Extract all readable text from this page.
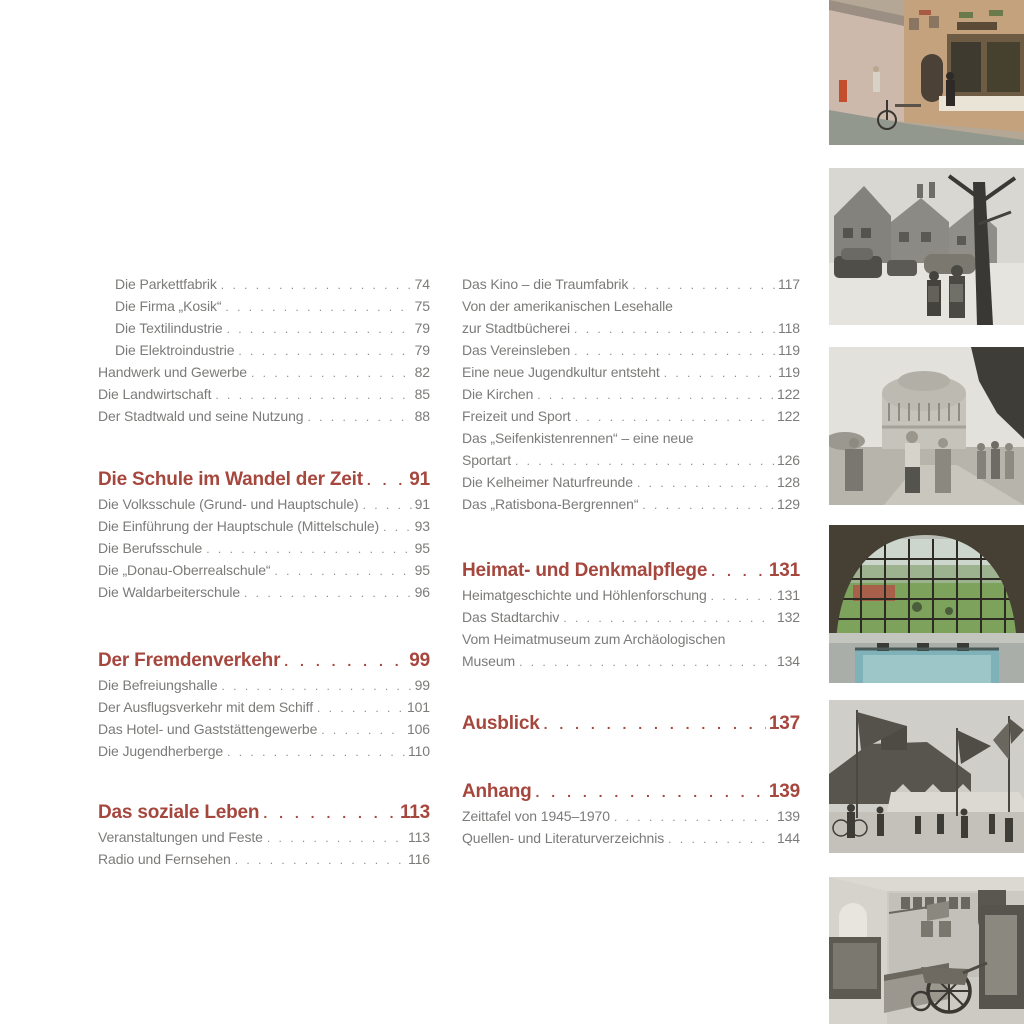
Die Parkettfabrik . . .	74
Die Firma „Kosik“ . . .	75
Die Textilindustrie . . .	79
Die Elektroindustrie . . .	79
Handwerk und Gewerbe . . .	82
Die Landwirtschaft . . .	85
Der Stadtwald und seine Nutzung . . .	88
Die Schule im Wandel der Zeit . . . 91
Die Volksschule (Grund- und Hauptschule) . . .	91
Die Einführung der Hauptschule (Mittelschule) . . .	93
Die Berufsschule . . .	95
Die „Donau-Oberrealschule“ . . .	95
Die Waldarbeiterschule . . .	96
Der Fremdenverkehr . . .	99
Die Befreiungshalle . . .	99
Der Ausflugsverkehr mit dem Schiff . . .	101
Das Hotel- und Gaststättengewerbe . . .	106
Die Jugendherberge . . .	110
Das soziale Leben . . .	113
Veranstaltungen und Feste . . .	113
Radio und Fernsehen . . .	116
Das Kino – die Traumfabrik . . .	117
Von der amerikanischen Lesehalle
zur Stadtbücherei . . .	118
Das Vereinsleben . . .	119
Eine neue Jugendkultur entsteht . . .	119
Die Kirchen . . .	122
Freizeit und Sport . . .	122
Das „Seifenkistenrennen“ – eine neue
Sportart . . .	126
Die Kelheimer Naturfreunde . . .	128
Das „Ratisbona-Bergrennen“ . . .	129
Heimat- und Denkmalpflege . . .	131
Heimatgeschichte und Höhlenforschung . . .	131
Das Stadtarchiv . . .	132
Vom Heimatmuseum zum Archäologischen
Museum . . .	134
Ausblick . . .	137
Anhang . . .	139
Zeittafel von 1945–1970 . . .	139
Quellen- und Literaturverzeichnis . . .	144
